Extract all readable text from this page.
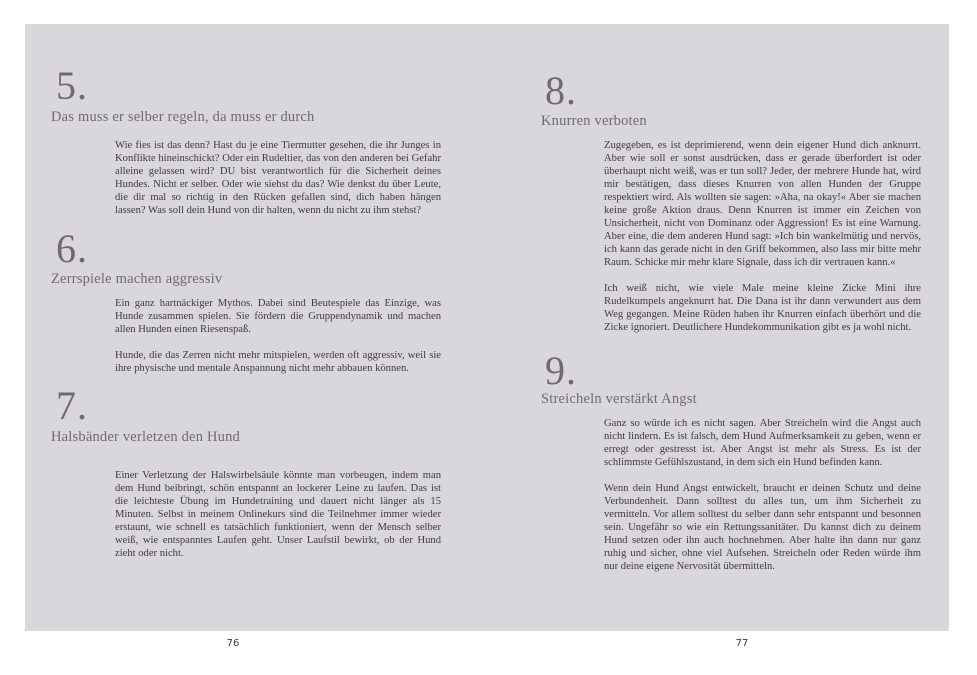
5.
Das muss er selber regeln, da muss er durch

Wie fies ist das denn? Hast du je eine Tiermutter gesehen, die ihr Junges in Konflikte hineinschickt? Oder ein Rudeltier, das von den anderen bei Gefahr alleine gelassen wird? DU bist verantwortlich für die Sicherheit deines Hundes. Nicht er selber. Oder wie siehst du das? Wie denkst du über Leute, die dir mal so richtig in den Rücken gefallen sind, dich haben hängen lassen? Was soll dein Hund von dir halten, wenn du nicht zu ihm stehst?

6.
Zerrspiele machen aggressiv

Ein ganz hartnäckiger Mythos. Dabei sind Beutespiele das Einzige, was Hunde zusammen spielen. Sie fördern die Gruppendynamik und machen allen Hunden einen Riesenspaß.

Hunde, die das Zerren nicht mehr mitspielen, werden oft aggressiv, weil sie ihre physische und mentale Anspannung nicht mehr abbauen können.

7.
Halsbänder verletzen den Hund

Einer Verletzung der Halswirbelsäule könnte man vorbeugen, indem man dem Hund beibringt, schön entspannt an lockerer Leine zu laufen. Das ist die leichteste Übung im Hundetraining und dauert nicht länger als 15 Minuten. Selbst in meinem Onlinekurs sind die Teilnehmer immer wieder erstaunt, wie schnell es tatsächlich funktioniert, wenn der Mensch selber weiß, wie entspanntes Laufen geht. Unser Laufstil bewirkt, ob der Hund zieht oder nicht.

8.
Knurren verboten

Zugegeben, es ist deprimierend, wenn dein eigener Hund dich anknurrt. Aber wie soll er sonst ausdrücken, dass er gerade überfordert ist oder überhaupt nicht weiß, was er tun soll? Jeder, der mehrere Hunde hat, wird mir bestätigen, dass dieses Knurren von allen Hunden der Gruppe respektiert wird. Als wollten sie sagen: »Aha, na okay!« Aber sie machen keine große Aktion draus. Denn Knurren ist immer ein Zeichen von Unsicherheit, nicht von Dominanz oder Aggression! Es ist eine Warnung. Aber eine, die dem anderen Hund sagt: »Ich bin wankelmütig und nervös, ich kann das gerade nicht in den Griff bekommen, also lass mir bitte mehr Raum. Schicke mir mehr klare Signale, dass ich dir vertrauen kann.«

Ich weiß nicht, wie viele Male meine kleine Zicke Mini ihre Rudelkumpels angeknurrt hat. Die Dana ist ihr dann verwundert aus dem Weg gegangen. Meine Rüden haben ihr Knurren einfach überhört und die Zicke ignoriert. Deutlichere Hundekommunikation gibt es ja wohl nicht.

9.
Streicheln verstärkt Angst

Ganz so würde ich es nicht sagen. Aber Streicheln wird die Angst auch nicht lindern. Es ist falsch, dem Hund Aufmerksamkeit zu geben, wenn er erregt oder gestresst ist. Aber Angst ist mehr als Stress. Es ist der schlimmste Gefühlszustand, in dem sich ein Hund befinden kann.

Wenn dein Hund Angst entwickelt, braucht er deinen Schutz und deine Verbundenheit. Dann solltest du alles tun, um ihm Sicherheit zu vermitteln. Vor allem solltest du selber dann sehr entspannt und besonnen sein. Ungefähr so wie ein Rettungssanitäter. Du kannst dich zu deinem Hund setzen oder ihn auch hochnehmen. Aber halte ihn dann nur ganz ruhig und sicher, ohne viel Aufsehen. Streicheln oder Reden würde ihm nur deine eigene Nervosität übermitteln.

76	77
